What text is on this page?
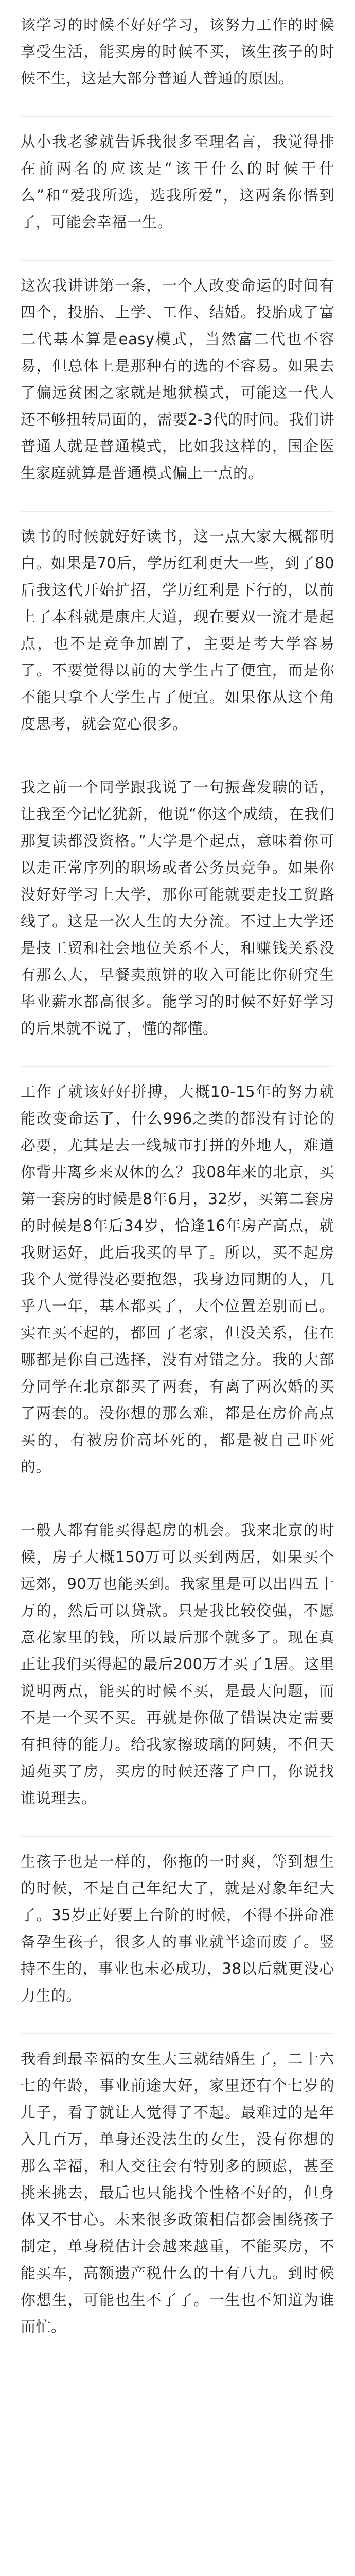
该学习的时候不好好学习，该努力工作的时候享受生活，能买房的时候不买，该生孩子的时候不生，这是大部分普通人普通的原因。

从小我老爹就告诉我很多至理名言，我觉得排在前两名的应该是“该干什么的时候干什么”和“爱我所选，选我所爱”，这两条你悟到了，可能会幸福一生。

这次我讲讲第一条，一个人改变命运的时间有四个，投胎、上学、工作、结婚。投胎成了富二代基本算是easy模式，当然富二代也不容易，但总体上是那种有的选的不容易。如果去了偏远贫困之家就是地狱模式，可能这一代人还不够扭转局面的，需要2-3代的时间。我们讲普通人就是普通模式，比如我这样的，国企医生家庭就算是普通模式偏上一点的。

读书的时候就好好读书，这一点大家大概都明白。如果是70后，学历红利更大一些，到了80后我这代开始扩招，学历红利是下行的，以前上了本科就是康庄大道，现在要双一流才是起点，也不是竞争加剧了，主要是考大学容易了。不要觉得以前的大学生占了便宜，而是你不能只拿个大学生占了便宜。如果你从这个角度思考，就会宽心很多。

我之前一个同学跟我说了一句振聋发聩的话，让我至今记忆犹新，他说“你这个成绩，在我们那复读都没资格。”大学是个起点，意味着你可以走正常序列的职场或者公务员竞争。如果你没好好学习上大学，那你可能就要走技工贸路线了。这是一次人生的大分流。不过上大学还是技工贸和社会地位关系不大，和赚钱关系没有那么大，早餐卖煎饼的收入可能比你研究生毕业薪水都高很多。能学习的时候不好好学习的后果就不说了，懂的都懂。

工作了就该好好拼搏，大概10-15年的努力就能改变命运了，什么996之类的都没有讨论的必要，尤其是去一线城市打拼的外地人，难道你背井离乡来双休的么？我08年来的北京，买第一套房的时候是8年6月，32岁，买第二套房的时候是8年后34岁，恰逢16年房产高点，就我财运好，此后我买的早了。所以，买不起房我个人觉得没必要抱怨，我身边同期的人，几乎八一年，基本都买了，大个位置差别而已。实在买不起的，都回了老家，但没关系，住在哪都是你自己选择，没有对错之分。我的大部分同学在北京都买了两套，有离了两次婚的买了两套的。没你想的那么难，都是在房价高点买的，有被房价高坏死的，都是被自己吓死的。

一般人都有能买得起房的机会。我来北京的时候，房子大概150万可以买到两居，如果买个远郊，90万也能买到。我家里是可以出四五十万的，然后可以贷款。只是我比较佼强，不愿意花家里的钱，所以最后那个就多了。现在真正让我们买得起的最后200万才买了1居。这里说明两点，能买的时候不买，是最大问题，而不是一个买不买。再就是你做了错误决定需要有担待的能力。给我家擦玻璃的阿姨，不但天通苑买了房，买房的时候还落了户口，你说找谁说理去。

生孩子也是一样的，你拖的一时爽，等到想生的时候，不是自己年纪大了，就是对象年纪大了。35岁正好要上台阶的时候，不得不拼命准备孕生孩子，很多人的事业就半途而废了。竖持不生的，事业也未必成功，38以后就更没心力生的。

我看到最幸福的女生大三就结婚生了，二十六七的年龄，事业前途大好，家里还有个七岁的儿子，看了就让人觉得了不起。最难过的是年入几百万，单身还没法生的女生，没有你想的那么幸福，和人交往会有特别多的顾虑，甚至挑来挑去，最后也只能找个性格不好的，但身体又不甘心。未来很多政策相信都会围绕孩子制定，单身税估计会越来越重，不能买房，不能买车，高额遗产税什么的十有八九。到时候你想生，可能也生不了了。一生也不知道为谁而忙。
